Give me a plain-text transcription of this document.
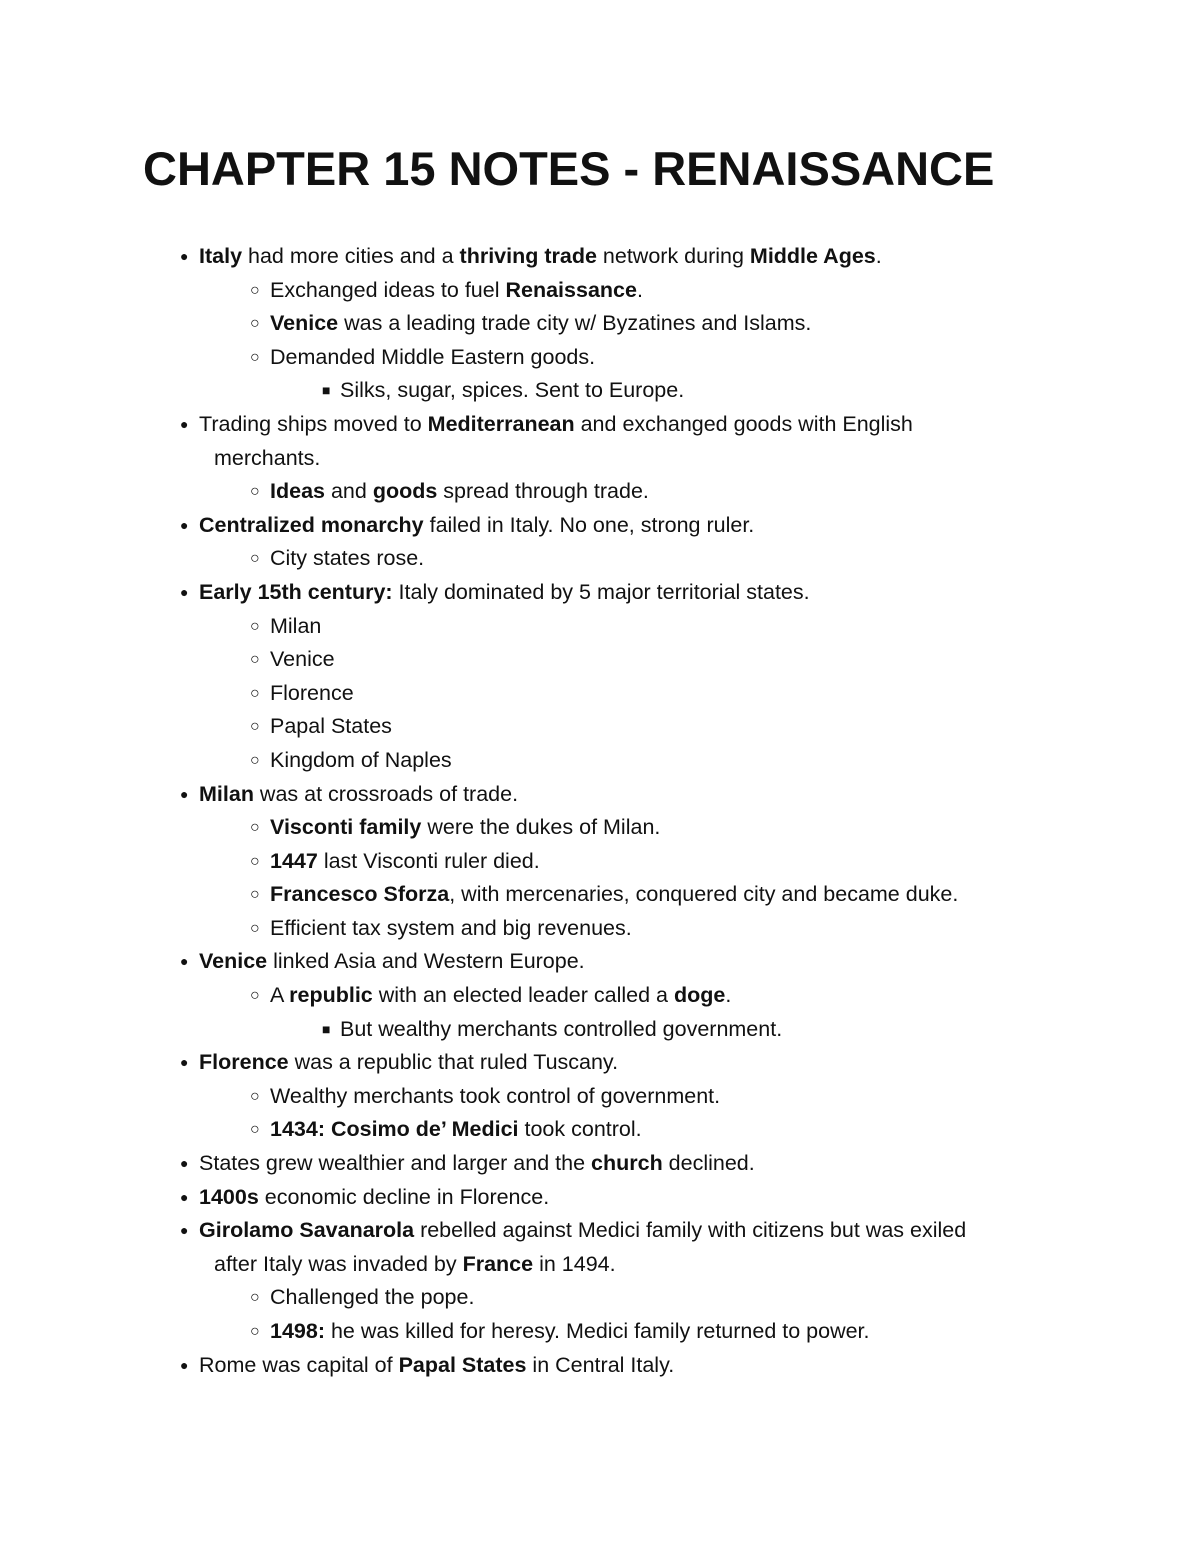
CHAPTER 15 NOTES - RENAISSANCE
● Italy had more cities and a thriving trade network during Middle Ages.
○ Exchanged ideas to fuel Renaissance.
○ Venice was a leading trade city w/ Byzatines and Islams.
○ Demanded Middle Eastern goods.
■ Silks, sugar, spices. Sent to Europe.
● Trading ships moved to Mediterranean and exchanged goods with English
merchants.
○ Ideas and goods spread through trade.
● Centralized monarchy failed in Italy. No one, strong ruler.
○ City states rose.
● Early 15th century: Italy dominated by 5 major territorial states.
○ Milan
○ Venice
○ Florence
○ Papal States
○ Kingdom of Naples
● Milan was at crossroads of trade.
○ Visconti family were the dukes of Milan.
○ 1447 last Visconti ruler died.
○ Francesco Sforza, with mercenaries, conquered city and became duke.
○ Efficient tax system and big revenues.
● Venice linked Asia and Western Europe.
○ A republic with an elected leader called a doge.
■ But wealthy merchants controlled government.
● Florence was a republic that ruled Tuscany.
○ Wealthy merchants took control of government.
○ 1434: Cosimo de’ Medici took control.
● States grew wealthier and larger and the church declined.
● 1400s economic decline in Florence.
● Girolamo Savanarola rebelled against Medici family with citizens but was exiled
after Italy was invaded by France in 1494.
○ Challenged the pope.
○ 1498: he was killed for heresy. Medici family returned to power.
● Rome was capital of Papal States in Central Italy.
